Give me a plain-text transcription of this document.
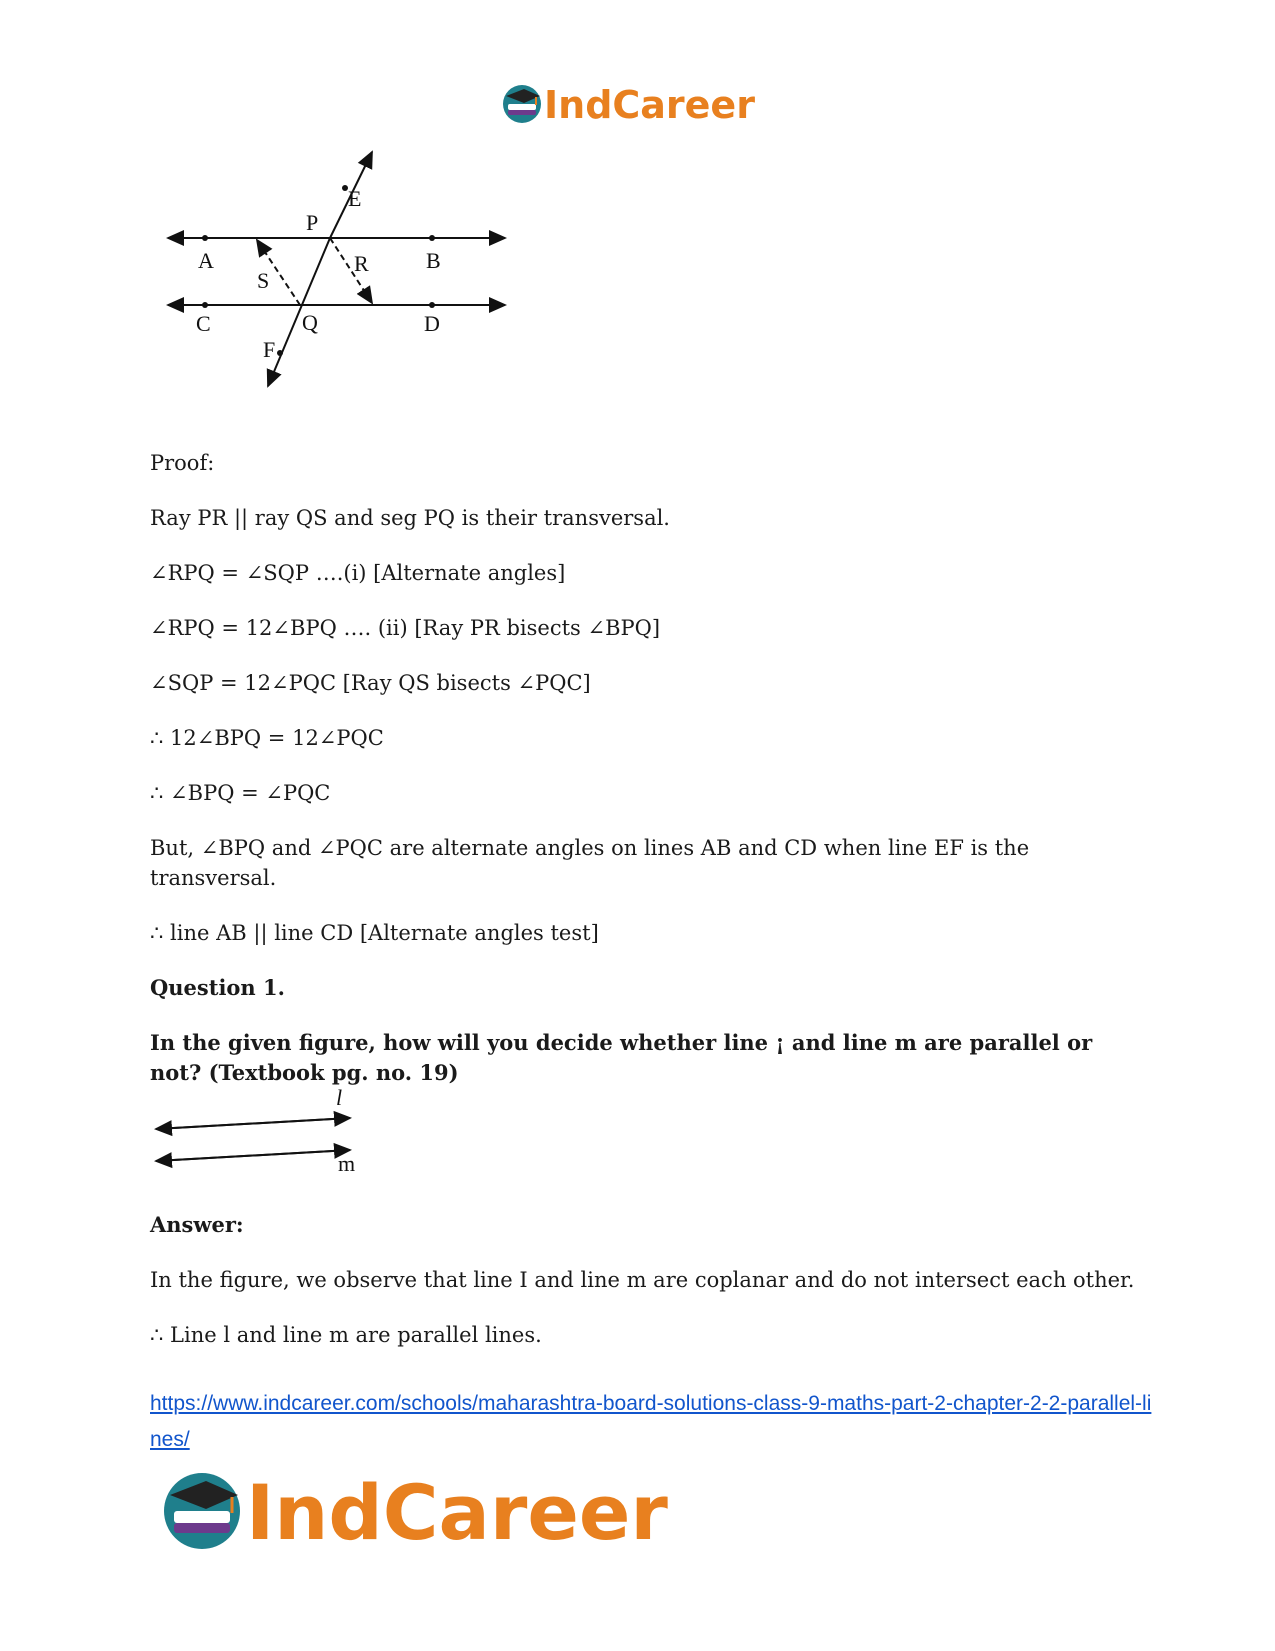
IndCareer
E
P
A	B
S
R
C	Q	D
F

Proof:

Ray PR || ray QS and seg PQ is their transversal.

∠RPQ = ∠SQP ….(i) [Alternate angles]

∠RPQ = 12∠BPQ …. (ii) [Ray PR bisects ∠BPQ]

∠SQP = 12∠PQC [Ray QS bisects ∠PQC]

∴ 12∠BPQ = 12∠PQC

∴ ∠BPQ = ∠PQC

But, ∠BPQ and ∠PQC are alternate angles on lines AB and CD when line EF is the transversal.

∴ line AB || line CD [Alternate angles test]

Question 1.

In the given figure, how will you decide whether line ¡ and line m are parallel or not? (Textbook pg. no. 19)

l
m

Answer:

In the figure, we observe that line I and line m are coplanar and do not intersect each other.

∴ Line l and line m are parallel lines.

https://www.indcareer.com/schools/maharashtra-board-solutions-class-9-maths-part-2-chapter-2-2-parallel-lines/
IndCareer
